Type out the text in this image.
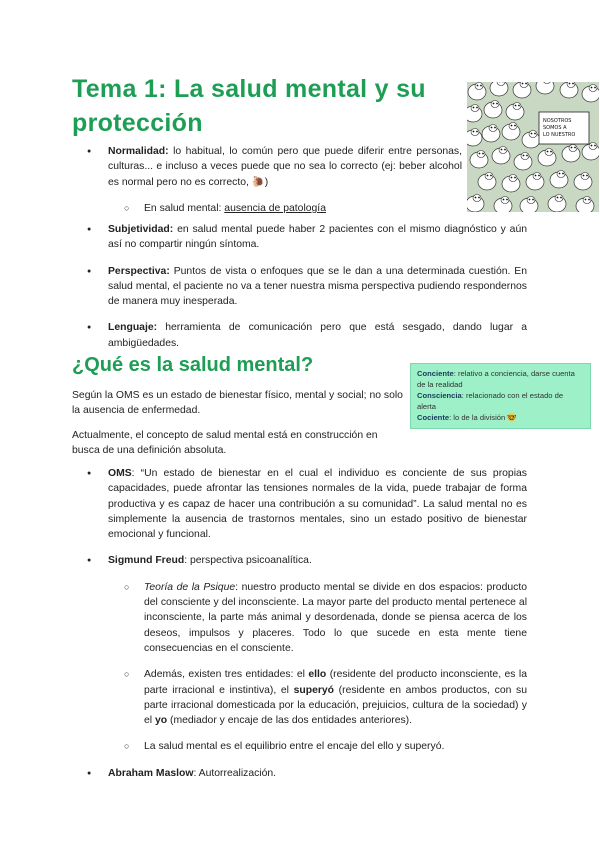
Tema 1: La salud mental y su protección	NOSOTROS
SOMOS A
LO NUESTRO
● Normalidad: lo habitual, lo común pero que puede diferir entre personas, culturas... e incluso a veces puede que no sea lo correcto (ej: beber alcohol es normal pero no es correcto, 🐌)
○ En salud mental: ausencia de patología
● Subjetividad: en salud mental puede haber 2 pacientes con el mismo diagnóstico y aún así no compartir ningún síntoma.
● Perspectiva: Puntos de vista o enfoques que se le dan a una determinada cuestión. En salud mental, el paciente no va a tener nuestra misma perspectiva pudiendo respondernos de manera muy inesperada.
● Lenguaje: herramienta de comunicación pero que está sesgado, dando lugar a ambigüedades.
¿Qué es la salud mental?

Según la OMS es un estado de bienestar físico, mental y social; no solo la ausencia de enfermedad.

Actualmente, el concepto de salud mental está en construcción en busca de una definición absoluta.

Conciente: relativo a conciencia, darse cuenta de la realidad
Consciencia: relacionado con el estado de alerta
Cociente: lo de la división 🤓
● OMS: “Un estado de bienestar en el cual el individuo es conciente de sus propias capacidades, puede afrontar las tensiones normales de la vida, puede trabajar de forma productiva y es capaz de hacer una contribución a su comunidad”. La salud mental no es simplemente la ausencia de trastornos mentales, sino un estado positivo de bienestar emocional y funcional.
● Sigmund Freud: perspectiva psicoanalítica.
○ Teoría de la Psique: nuestro producto mental se divide en dos espacios: producto del consciente y del inconsciente. La mayor parte del producto mental pertenece al inconsciente, la parte más animal y desordenada, donde se piensa acerca de los deseos, impulsos y placeres. Todo lo que sucede en esta mente tiene consecuencias en el consciente.
○ Además, existen tres entidades: el ello (residente del producto inconsciente, es la parte irracional e instintiva), el superyó (residente en ambos productos, con su parte irracional domesticada por la educación, prejuicios, cultura de la sociedad) y el yo (mediador y encaje de las dos entidades anteriores).
○ La salud mental es el equilibrio entre el encaje del ello y superyó.
● Abraham Maslow: Autorrealización.
